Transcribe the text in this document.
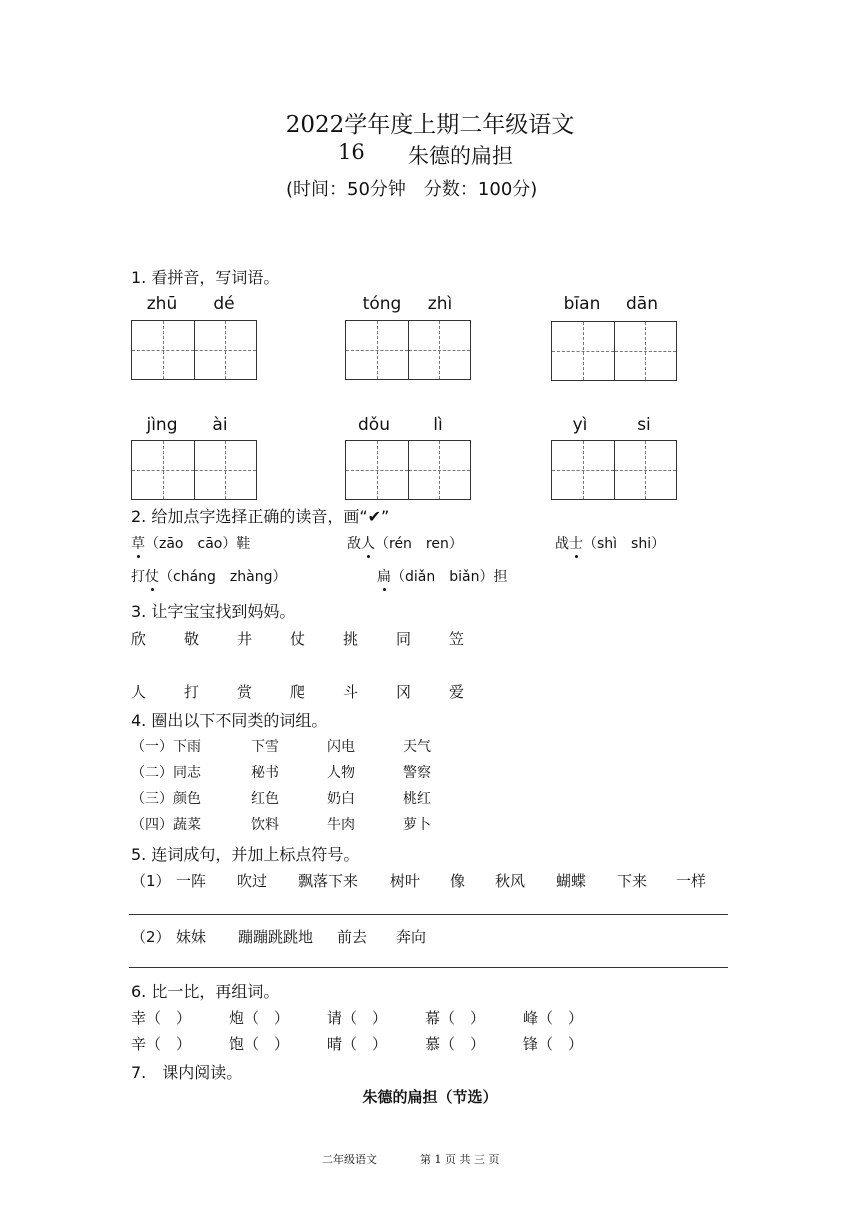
2022学年度上期二年级语文
16 朱德的扁担
(时间：50分钟　分数：100分)
1. 看拼音，写词语。
zhū	dé	tóng	zhì	bīan	dān
jìng	ài	dǒu	lì	yì	si
2. 给加点字选择正确的读音，画“✔”
草（zāo　cāo）鞋	敌人（rén　ren）	战士（shì　shi）
打仗（cháng　zhàng）	扁（diǎn　biǎn）担
3. 让字宝宝找到妈妈。
欣	敬	井	仗	挑	同	笠
人	打	赏	爬	斗	冈	爱
4. 圈出以下不同类的词组。
（一）下雨	下雪	闪电	天气
（二）同志	秘书	人物	警察
（三）颜色	红色	奶白	桃红
（四）蔬菜	饮料	牛肉	萝卜
5. 连词成句，并加上标点符号。
（1） 一阵	吹过	飘落下来	树叶	像	秋风	蝴蝶	下来	一样
（2） 妹妹	蹦蹦跳跳地	前去	奔向
6. 比一比，再组词。
幸（　）	炮（　）	请（　）	幕（　）	峰（　）
辛（　）	饱（　）	晴（　）	慕（　）	锋（　）
7.　课内阅读。
朱德的扁担（节选）
二年级语文	第 1 页 共 三 页
